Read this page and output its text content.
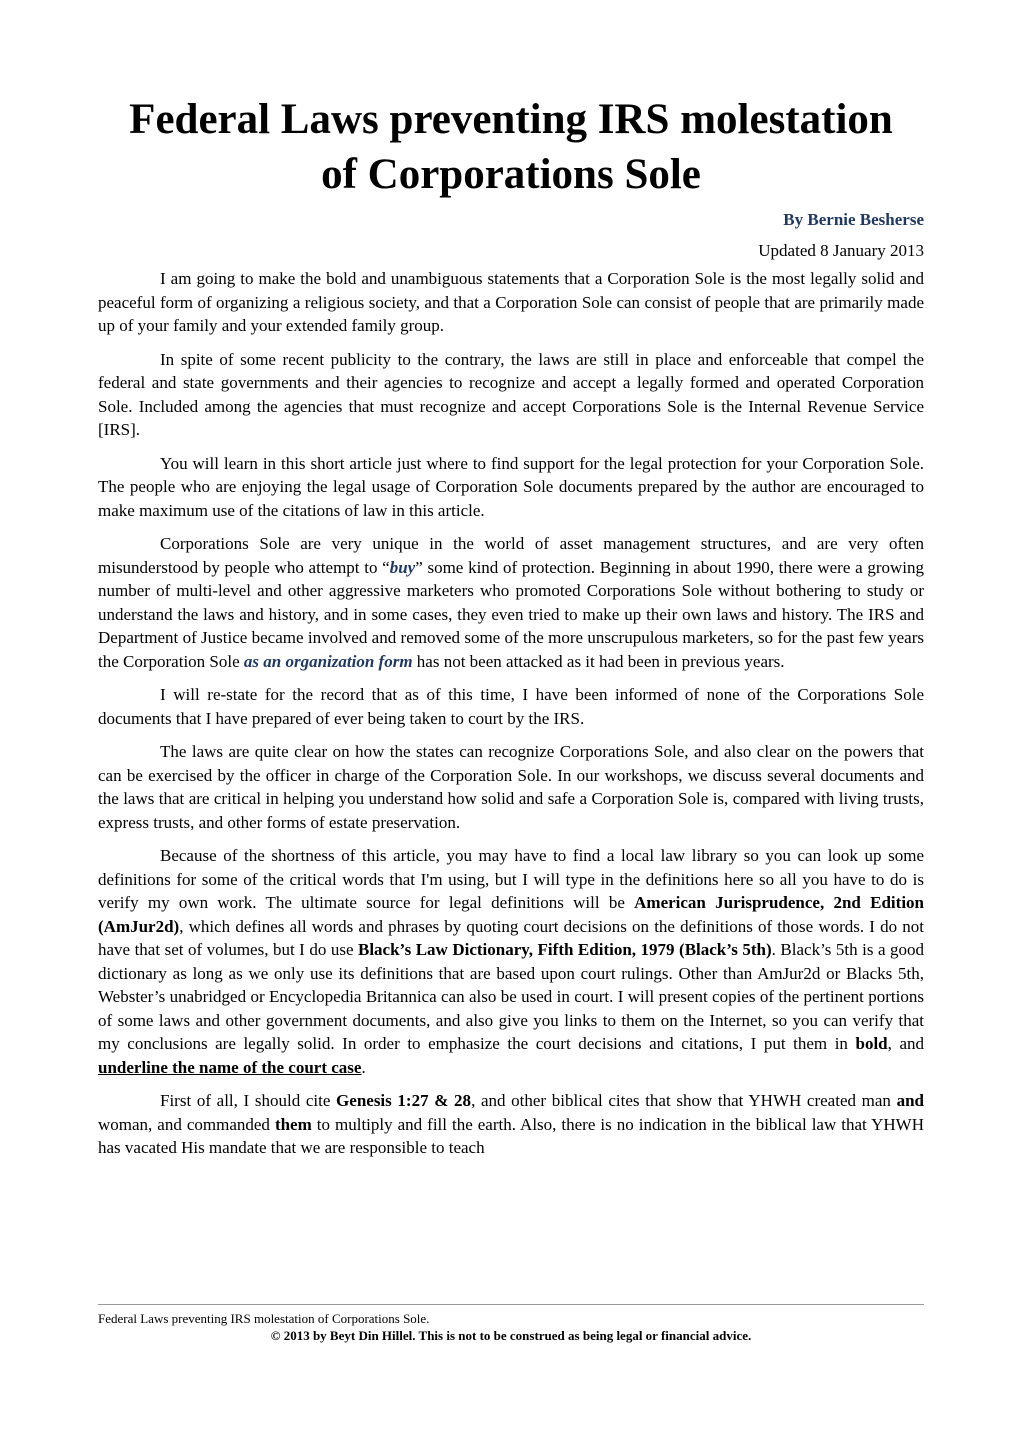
Federal Laws preventing IRS molestation
of Corporations Sole
By Bernie Besherse
Updated 8 January 2013

I am going to make the bold and unambiguous statements that a Corporation Sole is the most legally solid and peaceful form of organizing a religious society, and that a Corporation Sole can consist of people that are primarily made up of your family and your extended family group.

In spite of some recent publicity to the contrary, the laws are still in place and enforceable that compel the federal and state governments and their agencies to recognize and accept a legally formed and operated Corporation Sole. Included among the agencies that must recognize and accept Corporations Sole is the Internal Revenue Service [IRS].

You will learn in this short article just where to find support for the legal protection for your Corporation Sole. The people who are enjoying the legal usage of Corporation Sole documents prepared by the author are encouraged to make maximum use of the citations of law in this article.

Corporations Sole are very unique in the world of asset management structures, and are very often misunderstood by people who attempt to “buy” some kind of protection. Beginning in about 1990, there were a growing number of multi-level and other aggressive marketers who promoted Corporations Sole without bothering to study or understand the laws and history, and in some cases, they even tried to make up their own laws and history. The IRS and Department of Justice became involved and removed some of the more unscrupulous marketers, so for the past few years the Corporation Sole as an organization form has not been attacked as it had been in previous years.

I will re-state for the record that as of this time, I have been informed of none of the Corporations Sole documents that I have prepared of ever being taken to court by the IRS.

The laws are quite clear on how the states can recognize Corporations Sole, and also clear on the powers that can be exercised by the officer in charge of the Corporation Sole. In our workshops, we discuss several documents and the laws that are critical in helping you understand how solid and safe a Corporation Sole is, compared with living trusts, express trusts, and other forms of estate preservation.

Because of the shortness of this article, you may have to find a local law library so you can look up some definitions for some of the critical words that I'm using, but I will type in the definitions here so all you have to do is verify my own work. The ultimate source for legal definitions will be American Jurisprudence, 2nd Edition (AmJur2d), which defines all words and phrases by quoting court decisions on the definitions of those words. I do not have that set of volumes, but I do use Black’s Law Dictionary, Fifth Edition, 1979 (Black’s 5th). Black’s 5th is a good dictionary as long as we only use its definitions that are based upon court rulings. Other than AmJur2d or Blacks 5th, Webster’s unabridged or Encyclopedia Britannica can also be used in court. I will present copies of the pertinent portions of some laws and other government documents, and also give you links to them on the Internet, so you can verify that my conclusions are legally solid. In order to emphasize the court decisions and citations, I put them in bold, and underline the name of the court case.

First of all, I should cite Genesis 1:27 & 28, and other biblical cites that show that YHWH created man and woman, and commanded them to multiply and fill the earth. Also, there is no indication in the biblical law that YHWH has vacated His mandate that we are responsible to teach

Federal Laws preventing IRS molestation of Corporations Sole.
© 2013 by Beyt Din Hillel. This is not to be construed as being legal or financial advice.
